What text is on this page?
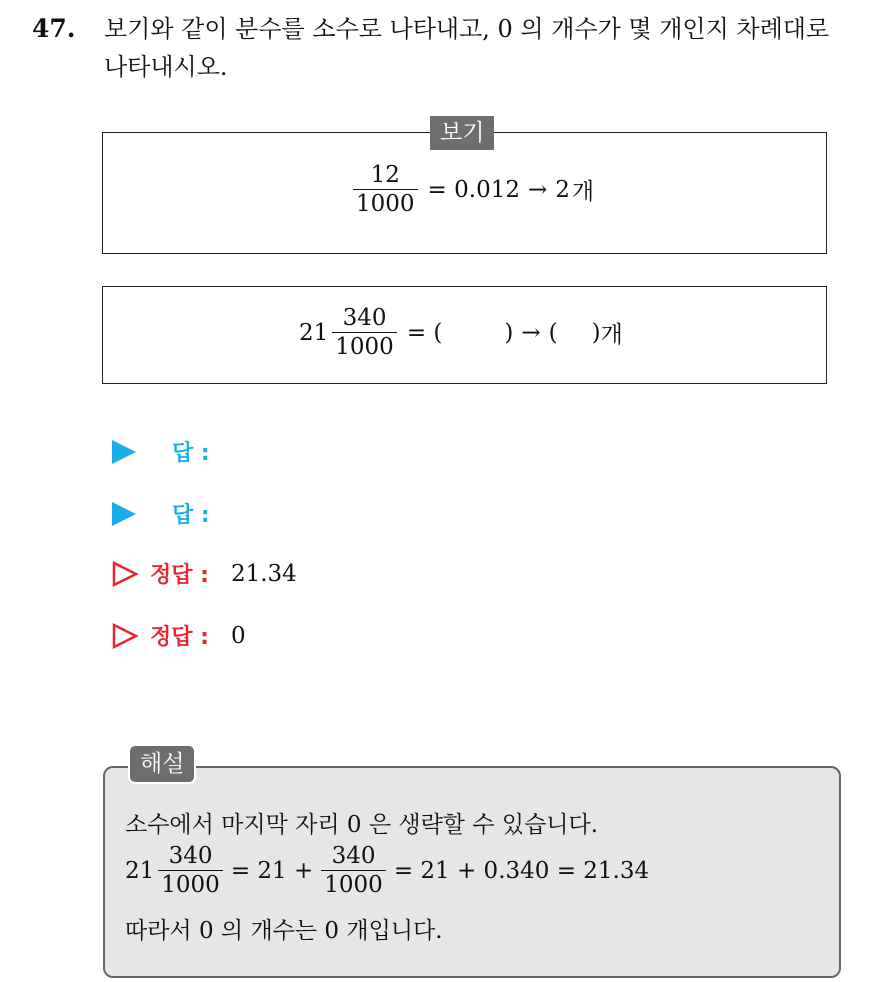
47. 보기와 같이 분수를 소수로 나타내고, 0 의 개수가 몇 개인지 차례대로
나타내시오.
$\frac{12}{1000} = 0.012 \to 2$ 개
보기
$21 \frac{340}{1000}$ = (	) → ( ) 개
답 :
답 :
정답 : 21.34
정답 : 0
해설
소수에서 마지막 자리 0 은 생략할 수 있습니다.
$21 \frac{340}{1000} = 21 + \frac{340}{1000} = 21 + 0.340 = 21.34$
따라서 0 의 개수는 0 개입니다.
